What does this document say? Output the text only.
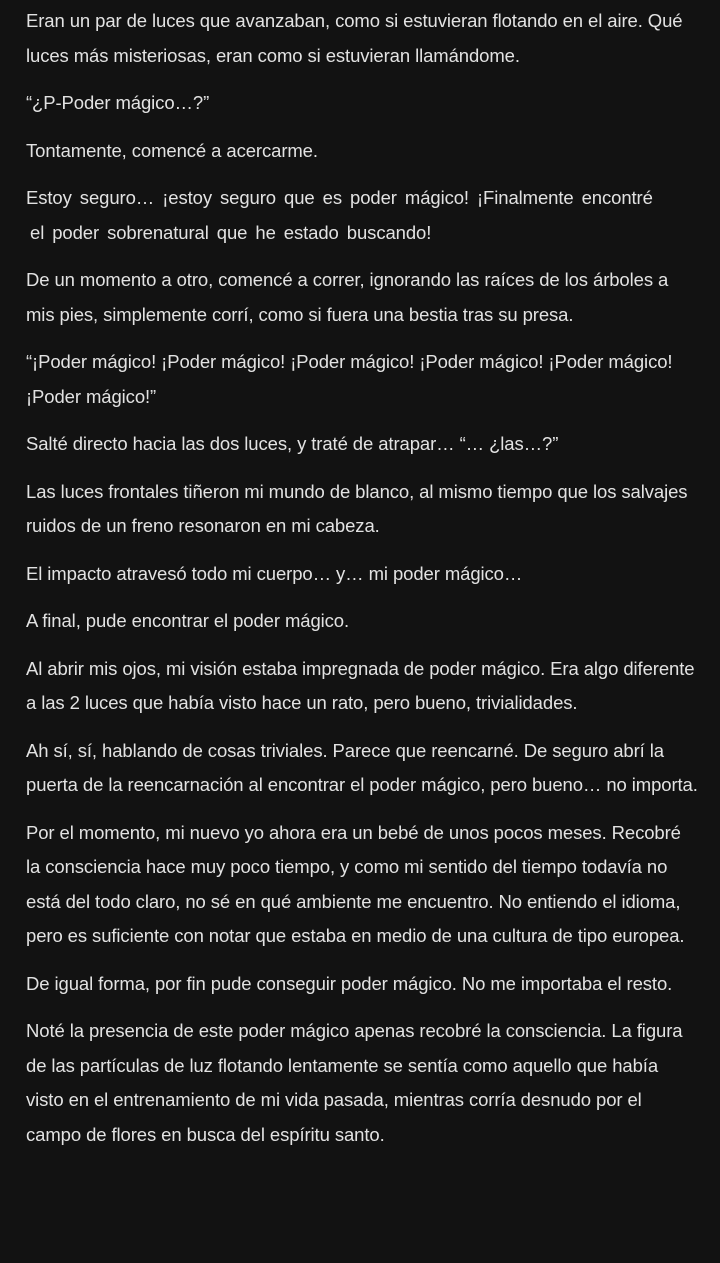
Eran un par de luces que avanzaban, como si estuvieran flotando en el aire. Qué luces más misteriosas, eran como si estuvieran llamándome.

“¿P-Poder mágico…?”

Tontamente, comencé a acercarme.

Estoy seguro… ¡estoy seguro que es poder mágico! ¡Finalmente encontré
el poder sobrenatural que he estado buscando!

De un momento a otro, comencé a correr, ignorando las raíces de los árboles a mis pies, simplemente corrí, como si fuera una bestia tras su presa.

“¡Poder mágico! ¡Poder mágico! ¡Poder mágico! ¡Poder mágico! ¡Poder mágico! ¡Poder mágico!”

Salté directo hacia las dos luces, y traté de atrapar… “… ¿las…?”

Las luces frontales tiñeron mi mundo de blanco, al mismo tiempo que los salvajes ruidos de un freno resonaron en mi cabeza.

El impacto atravesó todo mi cuerpo… y… mi poder mágico…

A final, pude encontrar el poder mágico.

Al abrir mis ojos, mi visión estaba impregnada de poder mágico. Era algo diferente a las 2 luces que había visto hace un rato, pero bueno, trivialidades.

Ah sí, sí, hablando de cosas triviales. Parece que reencarné. De seguro abrí la puerta de la reencarnación al encontrar el poder mágico, pero bueno… no importa.

Por el momento, mi nuevo yo ahora era un bebé de unos pocos meses. Recobré la consciencia hace muy poco tiempo, y como mi sentido del tiempo todavía no está del todo claro, no sé en qué ambiente me encuentro. No entiendo el idioma, pero es suficiente con notar que estaba en medio de una cultura de tipo europea.

De igual forma, por fin pude conseguir poder mágico. No me importaba el resto.

Noté la presencia de este poder mágico apenas recobré la consciencia. La figura de las partículas de luz flotando lentamente se sentía como aquello que había visto en el entrenamiento de mi vida pasada, mientras corría desnudo por el campo de flores en busca del espíritu santo.
